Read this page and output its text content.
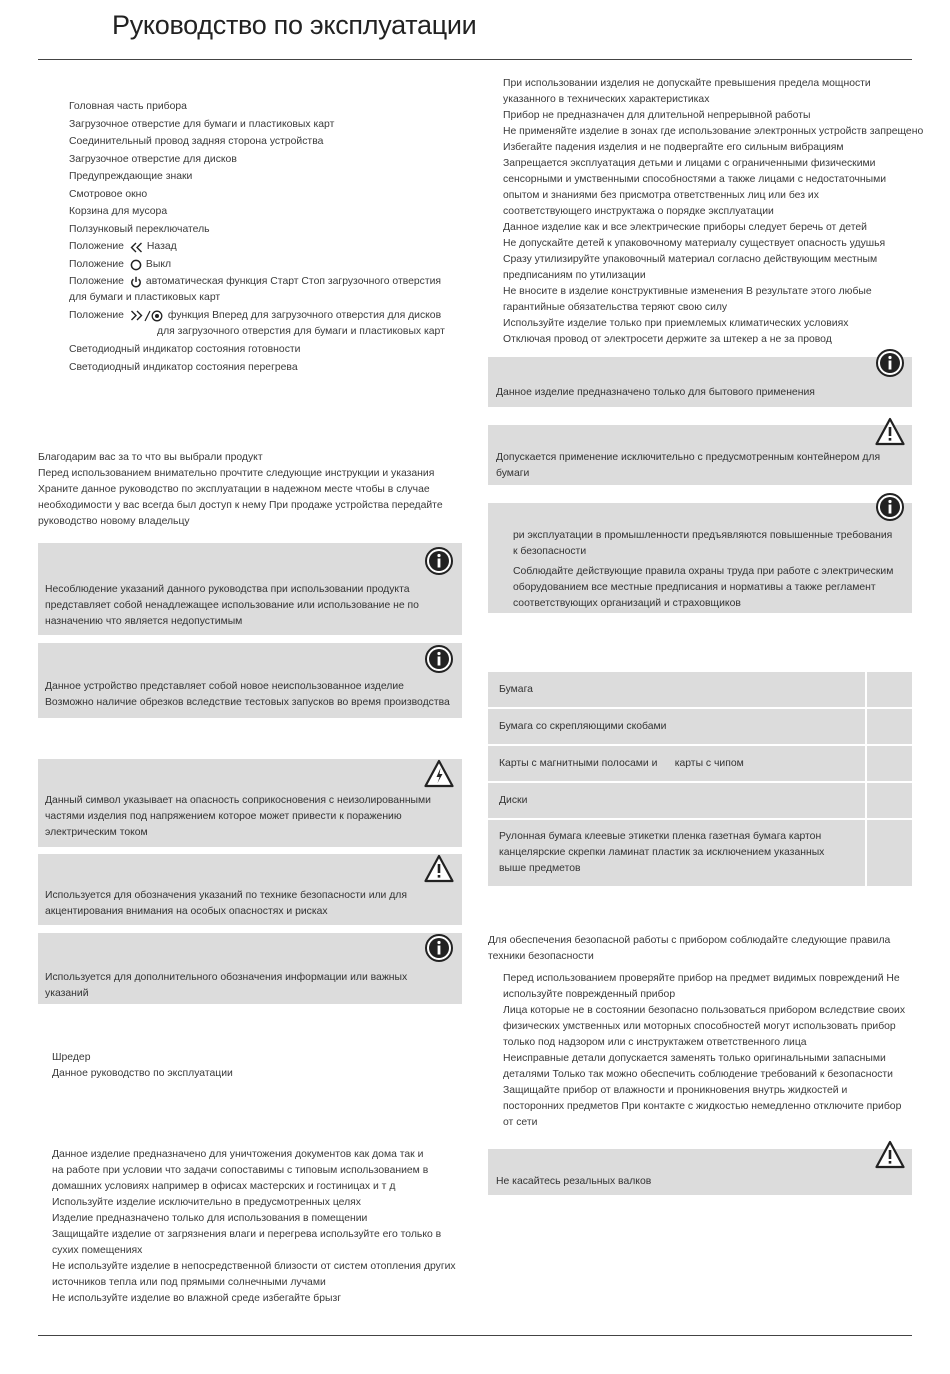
Руководство по эксплуатации
Головная часть прибора
Загрузочное отверстие для бумаги и пластиковых карт
Соединительный провод задняя сторона устройства
Загрузочное отверстие для дисков
Предупреждающие знаки
Смотровое окно
Корзина для мусора
Ползунковый переключатель
Положение Назад
Положение Выкл
Положение автоматическая функция Старт Стоп загрузочного отверстия
для бумаги и пластиковых карт
Положение	функция Вперед для загрузочного отверстия для дисков
для загрузочного отверстия для бумаги и пластиковых карт
Светодиодный индикатор состояния готовности
Светодиодный индикатор состояния перегрева
Благодарим вас за то что вы выбрали продукт
Перед использованием внимательно прочтите следующие инструкции и указания
Храните данное руководство по эксплуатации в надежном месте чтобы в случае
необходимости у вас всегда был доступ к нему При продаже устройства передайте
руководство новому владельцу
Несоблюдение указаний данного руководства при использовании продукта
представляет собой ненадлежащее использование или использование не по
назначению что является недопустимым
Данное устройство представляет собой новое неиспользованное изделие
Возможно наличие обрезков вследствие тестовых запусков во время производства
Данный символ указывает на опасность соприкосновения с неизолированными
частями изделия под напряжением которое может привести к поражению
электрическим током
Используется для обозначения указаний по технике безопасности или для
акцентирования внимания на особых опасностях и рисках
Используется для дополнительного обозначения информации или важных
указаний
Шредер
Данное руководство по эксплуатации
Данное изделие предназначено для уничтожения документов как дома так и
на работе при условии что задачи сопоставимы с типовым использованием в
домашних условиях например в офисах мастерских и гостиницах и т д
Используйте изделие исключительно в предусмотренных целях
Изделие предназначено только для использования в помещении
Защищайте изделие от загрязнения влаги и перегрева используйте его только в
сухих помещениях
Не используйте изделие в непосредственной близости от систем отопления других
источников тепла или под прямыми солнечными лучами
Не используйте изделие во влажной среде избегайте брызг
При использовании изделия не допускайте превышения предела мощности
указанного в технических характеристиках
Прибор не предназначен для длительной непрерывной работы
Не применяйте изделие в зонах где использование электронных устройств запрещено
Избегайте падения изделия и не подвергайте его сильным вибрациям
Запрещается эксплуатация детьми и лицами с ограниченными физическими
сенсорными и умственными способностями а также лицами с недостаточными
опытом и знаниями без присмотра ответственных лиц или без их
соответствующего инструктажа о порядке эксплуатации
Данное изделие как и все электрические приборы следует беречь от детей
Не допускайте детей к упаковочному материалу существует опасность удушья
Сразу утилизируйте упаковочный материал согласно действующим местным
предписаниям по утилизации
Не вносите в изделие конструктивные изменения В результате этого любые
гарантийные обязательства теряют свою силу
Используйте изделие только при приемлемых климатических условиях
Отключая провод от электросети держите за штекер а не за провод
Данное изделие предназначено только для бытового применения
Допускается применение исключительно с предусмотренным контейнером для
бумаги
ри эксплуатации в промышленности предъявляются повышенные требования
к безопасности
Соблюдайте действующие правила охраны труда при работе с электрическим
оборудованием все местные предписания и нормативы а также регламент
соответствующих организаций и страховщиков
Бумага
Бумага со скрепляющими скобами
Карты с магнитными полосами и      карты с чипом
Диски
Рулонная бумага клеевые этикетки пленка газетная бумага картон
канцелярские скрепки ламинат пластик за исключением указанных
выше предметов
Для обеспечения безопасной работы с прибором соблюдайте следующие правила
техники безопасности
Перед использованием проверяйте прибор на предмет видимых повреждений Не
используйте поврежденный прибор
Лица которые не в состоянии безопасно пользоваться прибором вследствие своих
физических умственных или моторных способностей могут использовать прибор
только под надзором или с инструктажем ответственного лица
Неисправные детали допускается заменять только оригинальными запасными
деталями Только так можно обеспечить соблюдение требований к безопасности
Защищайте прибор от влажности и проникновения внутрь жидкостей и
посторонних предметов При контакте с жидкостью немедленно отключите прибор
от сети
Не касайтесь резальных валков
